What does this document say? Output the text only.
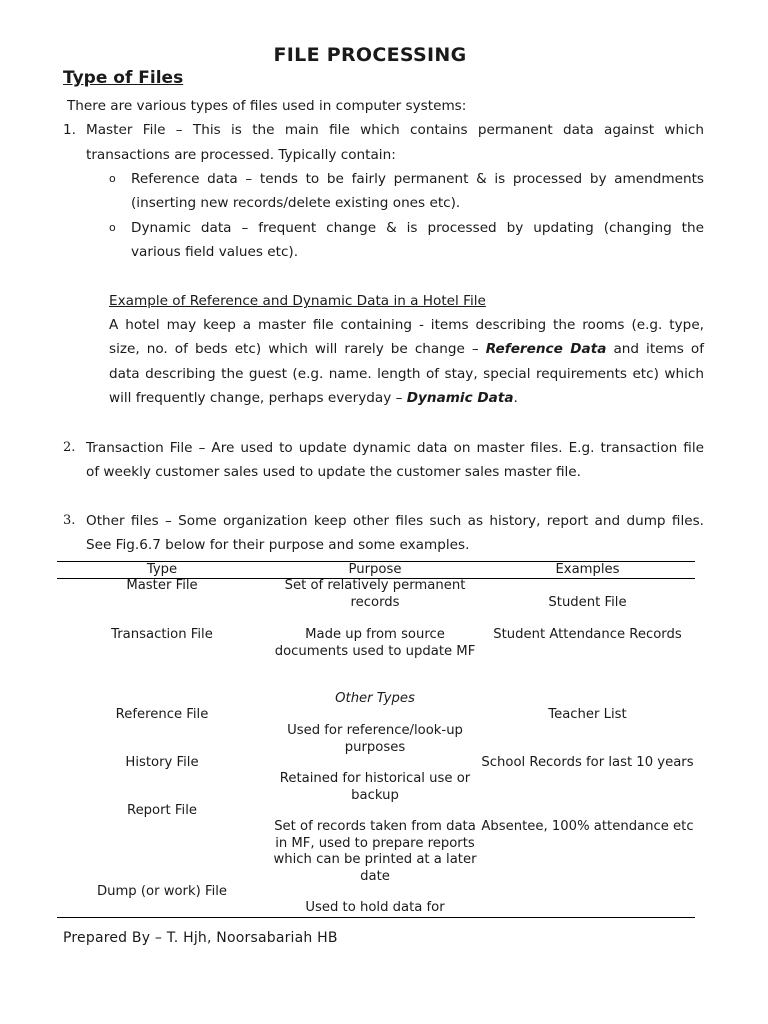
FILE PROCESSING
Type of Files
There are various types of files used in computer systems:
1. Master File – This is the main file which contains permanent data against which
transactions are processed. Typically contain:
o Reference data – tends to be fairly permanent & is processed by amendments
(inserting new records/delete existing ones etc).
o Dynamic data – frequent change & is processed by updating (changing the
various field values etc).
Example of Reference and Dynamic Data in a Hotel File
A hotel may keep a master file containing - items describing the rooms (e.g. type,
size, no. of beds etc) which will rarely be change – Reference Data and items of
data describing the guest (e.g. name. length of stay, special requirements etc) which
will frequently change, perhaps everyday – Dynamic Data.
2. Transaction File – Are used to update dynamic data on master files. E.g. transaction file
of weekly customer sales used to update the customer sales master file.
3. Other files – Some organization keep other files such as history, report and dump files.
See Fig.6.7 below for their purpose and some examples.
Type	Purpose	Examples
Master File
Transaction File
Reference File
History File
Report File
Dump (or work) File
Set of relatively permanent records
Made up from source documents used to update MF
Other Types
Used for reference/look-up purposes
Retained for historical use or backup
Set of records taken from data in MF, used to prepare reports which can be printed at a later date
Used to hold data for
Student File
Student Attendance Records
Teacher List
School Records for last 10 years
Absentee, 100% attendance etc
Prepared By – T. Hjh, Noorsabariah HB
